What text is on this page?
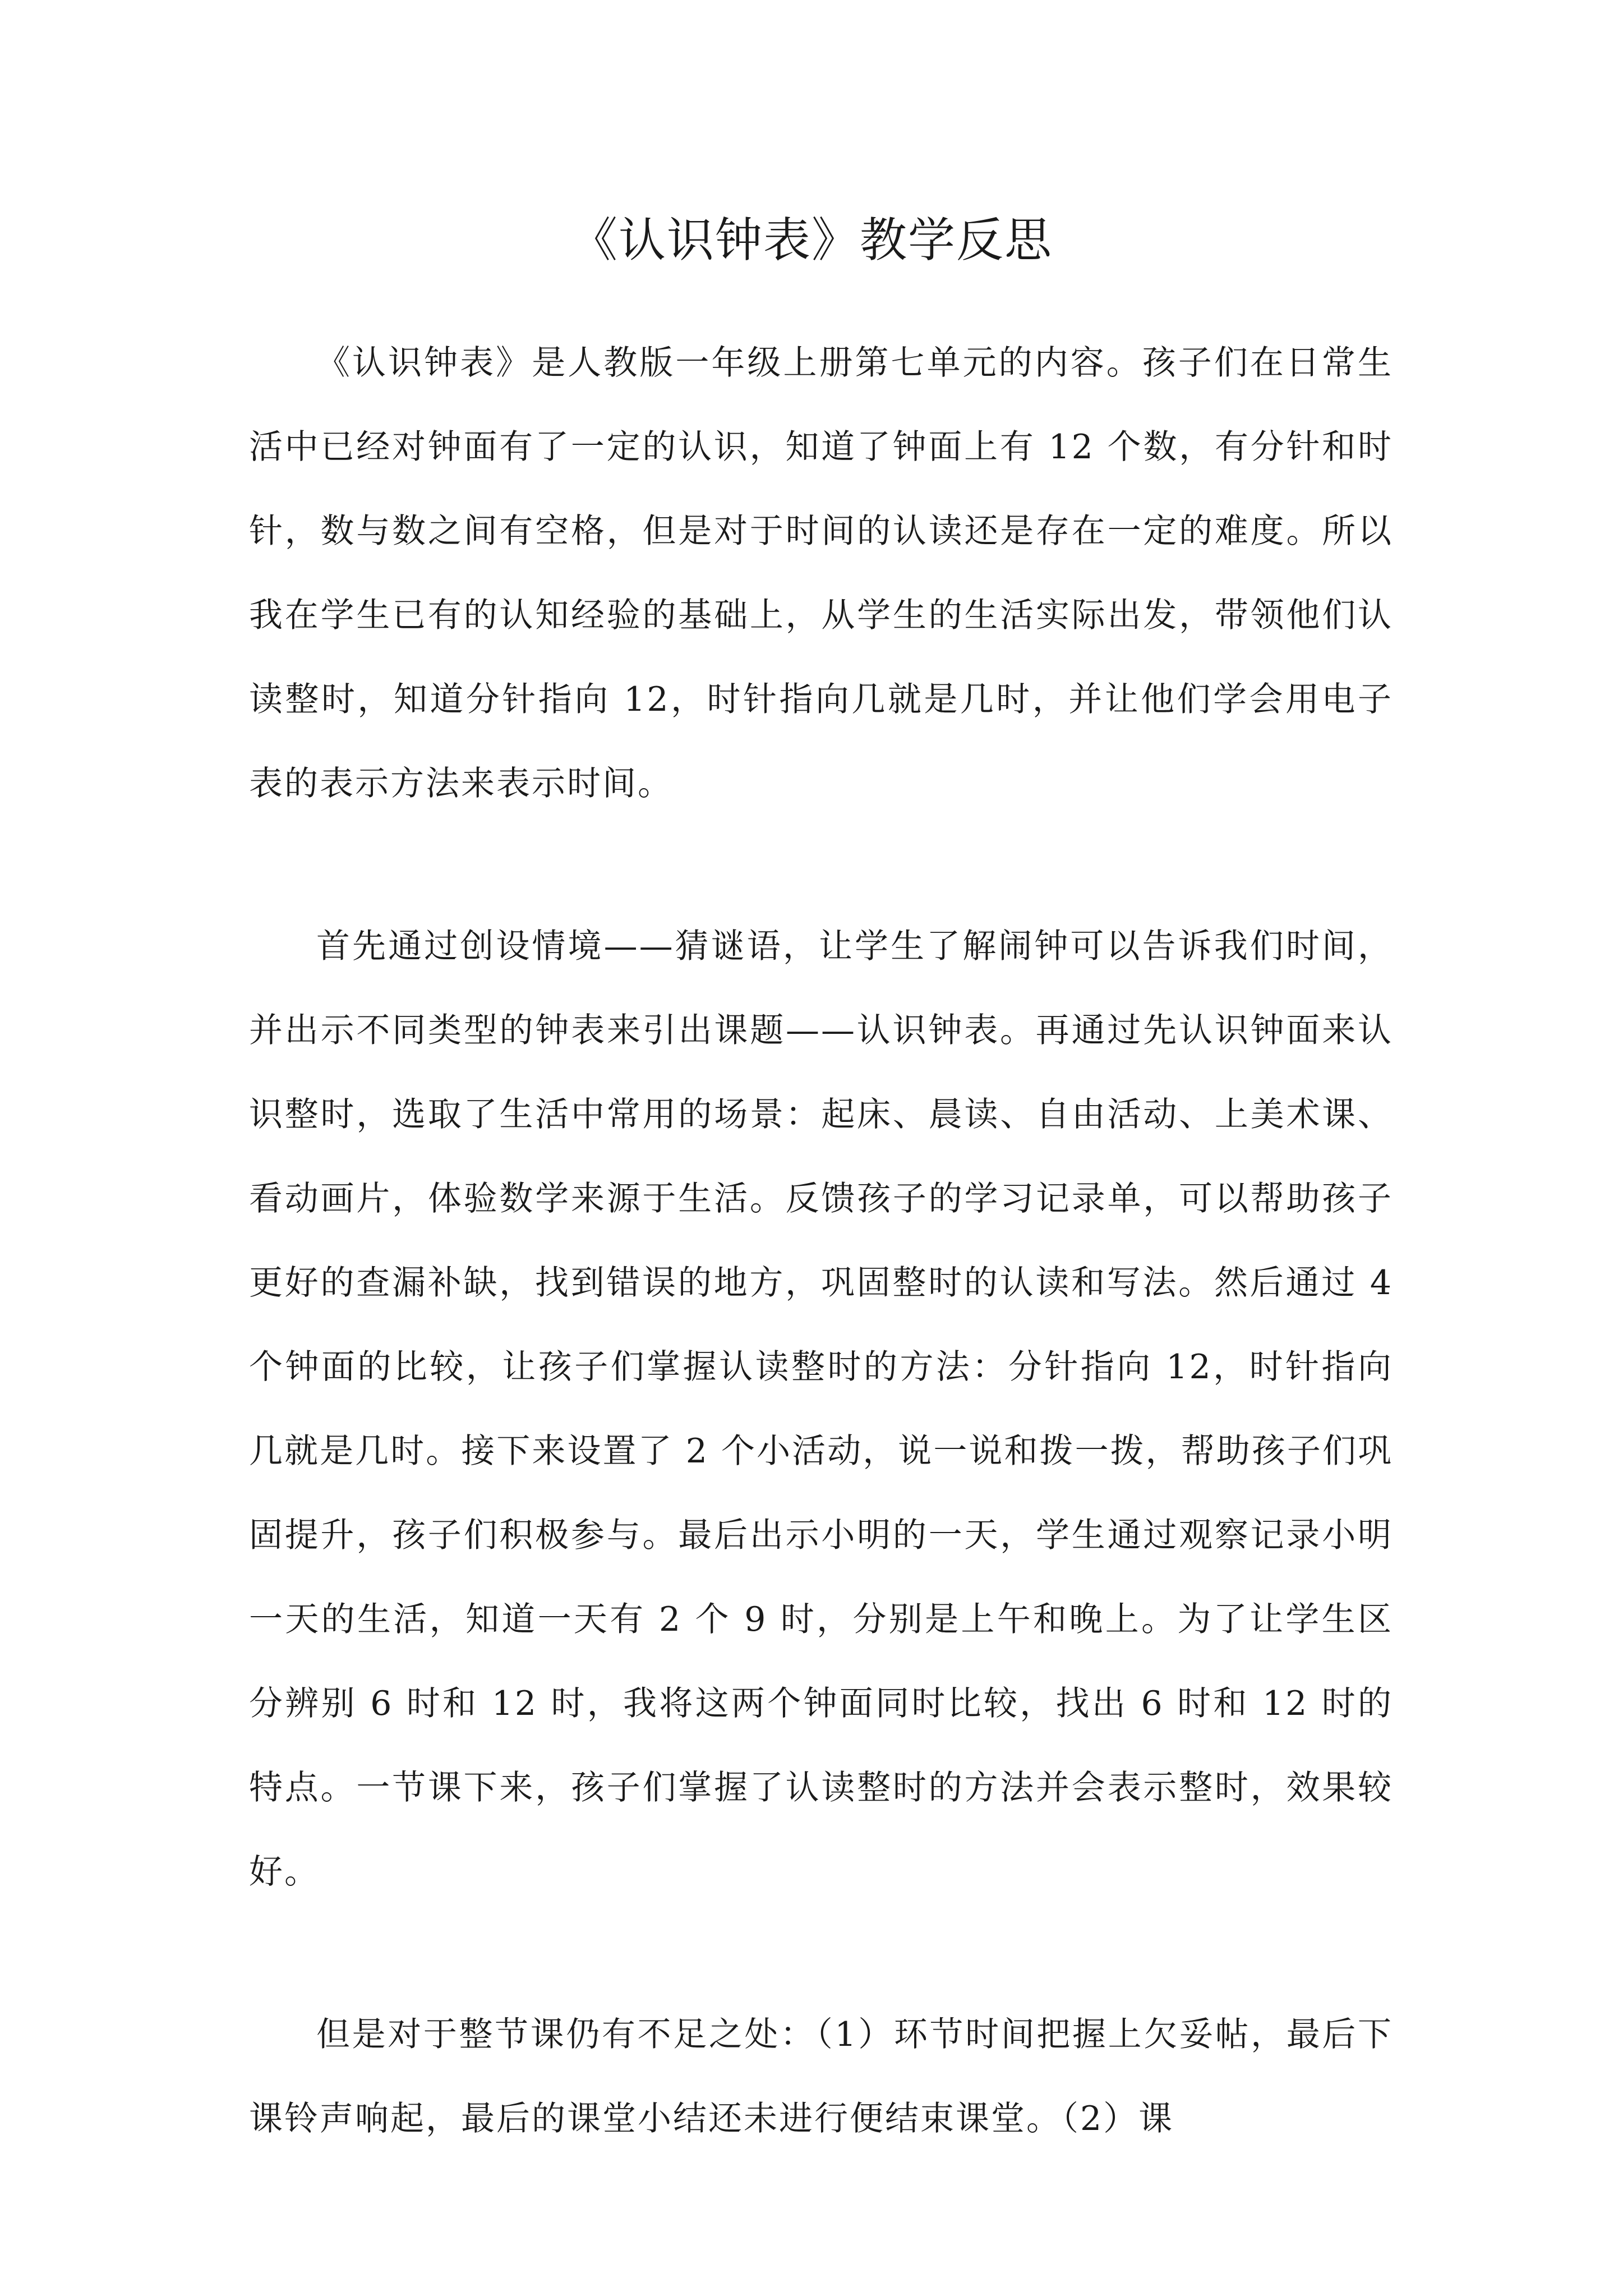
《认识钟表》教学反思

《认识钟表》是人教版一年级上册第七单元的内容。孩子们在日常生活中已经对钟面有了一定的认识，知道了钟面上有 12 个数，有分针和时针，数与数之间有空格，但是对于时间的认读还是存在一定的难度。所以我在学生已有的认知经验的基础上，从学生的生活实际出发，带领他们认读整时，知道分针指向 12，时针指向几就是几时，并让他们学会用电子表的表示方法来表示时间。

首先通过创设情境——猜谜语，让学生了解闹钟可以告诉我们时间，并出示不同类型的钟表来引出课题——认识钟表。再通过先认识钟面来认识整时，选取了生活中常用的场景：起床、晨读、自由活动、上美术课、看动画片，体验数学来源于生活。反馈孩子的学习记录单，可以帮助孩子更好的查漏补缺，找到错误的地方，巩固整时的认读和写法。然后通过 4 个钟面的比较，让孩子们掌握认读整时的方法：分针指向 12，时针指向几就是几时。接下来设置了 2 个小活动，说一说和拨一拨，帮助孩子们巩固提升，孩子们积极参与。最后出示小明的一天，学生通过观察记录小明一天的生活，知道一天有 2 个 9 时，分别是上午和晚上。为了让学生区分辨别 6 时和 12 时，我将这两个钟面同时比较，找出 6 时和 12 时的特点。一节课下来，孩子们掌握了认读整时的方法并会表示整时，效果较好。

但是对于整节课仍有不足之处：（1）环节时间把握上欠妥帖，最后下课铃声响起，最后的课堂小结还未进行便结束课堂。（2）课
